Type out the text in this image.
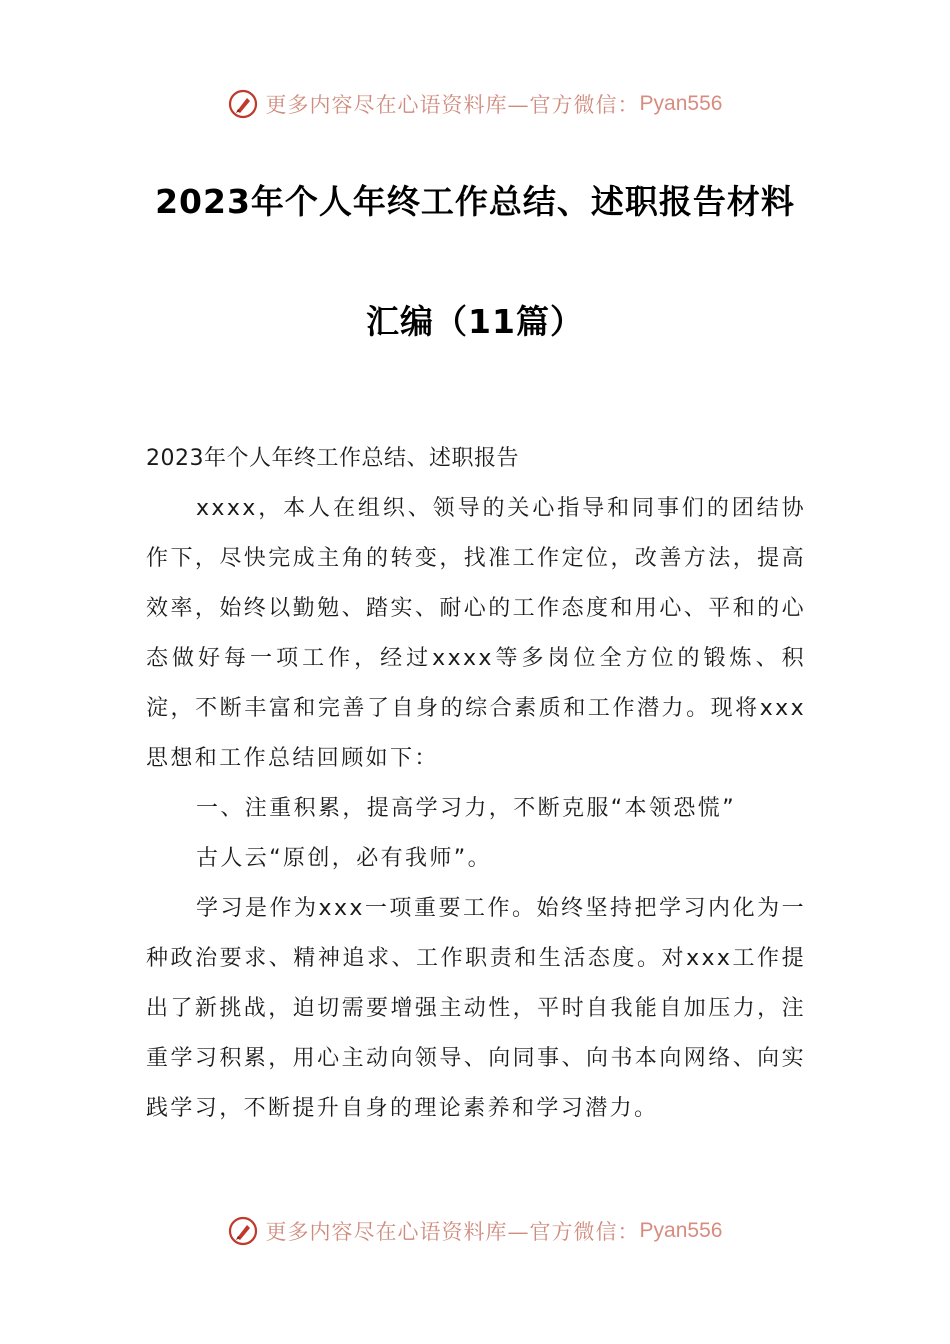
更多内容尽在心语资料库—官方微信： Pyan556
2023年个人年终工作总结、述职报告材料
汇编（11篇）

2023年个人年终工作总结、述职报告

xxxx，本人在组织、领导的关心指导和同事们的团结协作下，尽快完成主角的转变，找准工作定位，改善方法，提高效率，始终以勤勉、踏实、耐心的工作态度和用心、平和的心态做好每一项工作，经过xxxx等多岗位全方位的锻炼、积淀，不断丰富和完善了自身的综合素质和工作潜力。现将xxx思想和工作总结回顾如下：

一、注重积累，提高学习力，不断克服“本领恐慌”

古人云“原创，必有我师”。

学习是作为xxx一项重要工作。始终坚持把学习内化为一种政治要求、精神追求、工作职责和生活态度。对xxx工作提出了新挑战，迫切需要增强主动性，平时自我能自加压力，注重学习积累，用心主动向领导、向同事、向书本向网络、向实践学习，不断提升自身的理论素养和学习潜力。

更多内容尽在心语资料库—官方微信： Pyan556
